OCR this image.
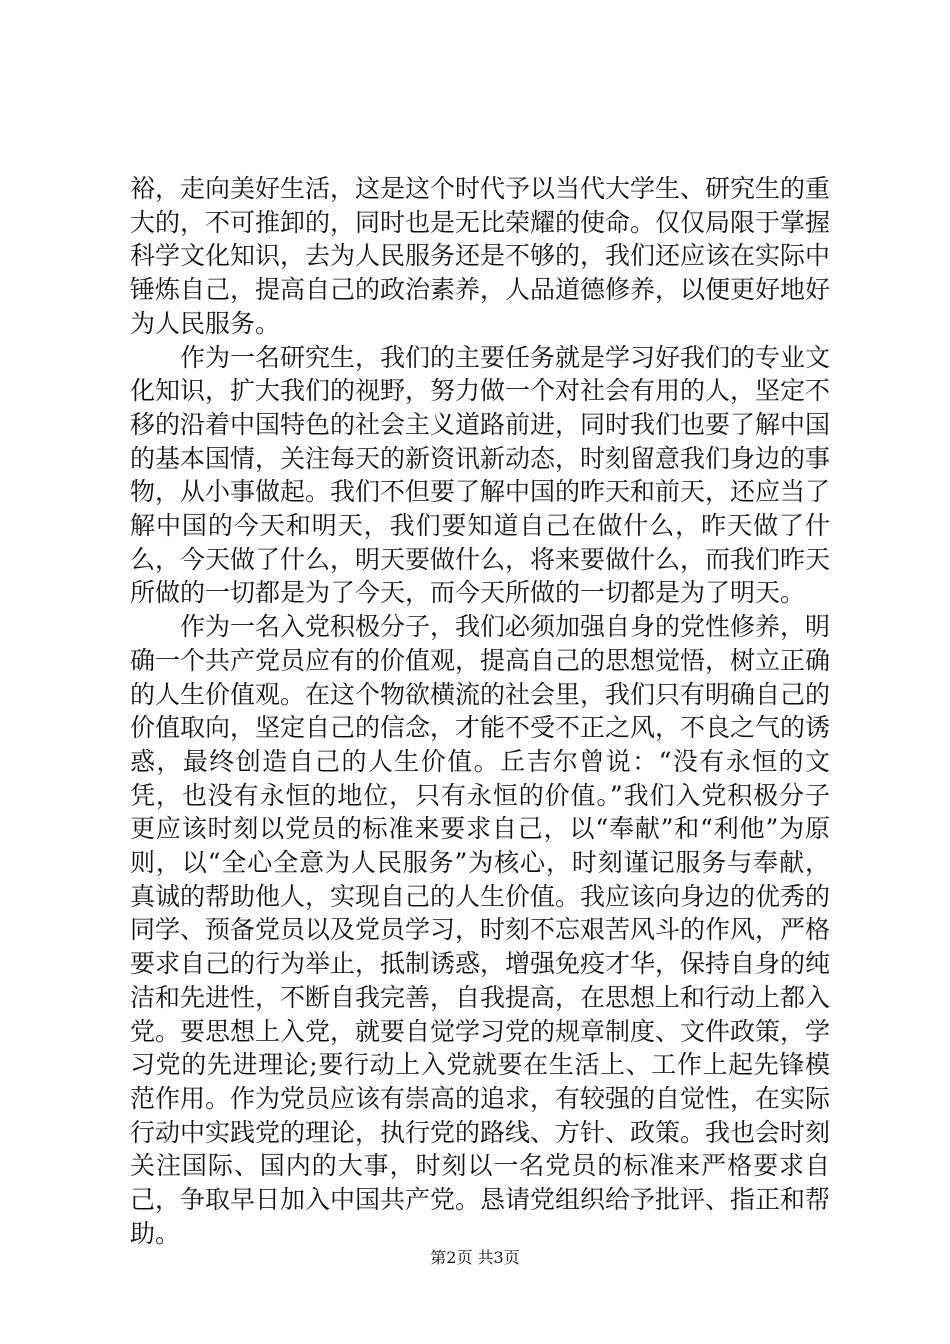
裕，走向美好生活，这是这个时代予以当代大学生、研究生的重大的，不可推卸的，同时也是无比荣耀的使命。仅仅局限于掌握科学文化知识，去为人民服务还是不够的，我们还应该在实际中锤炼自己，提高自己的政治素养，人品道德修养，以便更好地好为人民服务。

作为一名研究生，我们的主要任务就是学习好我们的专业文化知识，扩大我们的视野，努力做一个对社会有用的人，坚定不移的沿着中国特色的社会主义道路前进，同时我们也要了解中国的基本国情，关注每天的新资讯新动态，时刻留意我们身边的事物，从小事做起。我们不但要了解中国的昨天和前天，还应当了解中国的今天和明天，我们要知道自己在做什么，昨天做了什么，今天做了什么，明天要做什么，将来要做什么，而我们昨天所做的一切都是为了今天，而今天所做的一切都是为了明天。

作为一名入党积极分子，我们必须加强自身的党性修养，明确一个共产党员应有的价值观，提高自己的思想觉悟，树立正确的人生价值观。在这个物欲横流的社会里，我们只有明确自己的价值取向，坚定自己的信念，才能不受不正之风，不良之气的诱惑，最终创造自己的人生价值。丘吉尔曾说：“没有永恒的文凭，也没有永恒的地位，只有永恒的价值。”我们入党积极分子更应该时刻以党员的标准来要求自己，以“奉献”和“利他”为原则，以“全心全意为人民服务”为核心，时刻谨记服务与奉献，真诚的帮助他人，实现自己的人生价值。我应该向身边的优秀的同学、预备党员以及党员学习，时刻不忘艰苦风斗的作风，严格要求自己的行为举止，抵制诱惑，增强免疫才华，保持自身的纯洁和先进性，不断自我完善，自我提高，在思想上和行动上都入党。要思想上入党，就要自觉学习党的规章制度、文件政策，学习党的先进理论;要行动上入党就要在生活上、工作上起先锋模范作用。作为党员应该有崇高的追求，有较强的自觉性，在实际行动中实践党的理论，执行党的路线、方针、政策。我也会时刻关注国际、国内的大事，时刻以一名党员的标准来严格要求自己，争取早日加入中国共产党。恳请党组织给予批评、指正和帮助。

第2页 共3页
